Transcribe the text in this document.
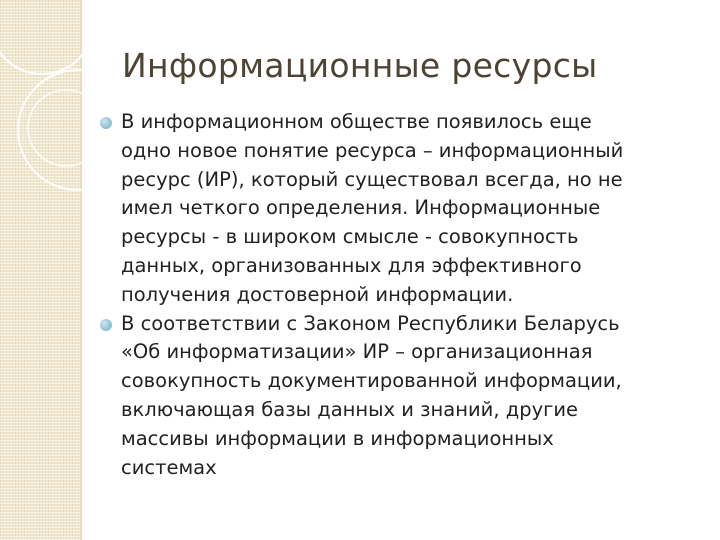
Информационные ресурсы
В информационном обществе появилось еще
одно новое понятие ресурса – информационный
ресурс (ИР), который существовал всегда, но не
имел четкого определения. Информационные
ресурсы - в широком смысле - совокупность
данных, организованных для эффективного
получения достоверной информации.
В соответствии с Законом Республики Беларусь
«Об информатизации» ИР – организационная
совокупность документированной информации,
включающая базы данных и знаний, другие
массивы информации в информационных
системах
